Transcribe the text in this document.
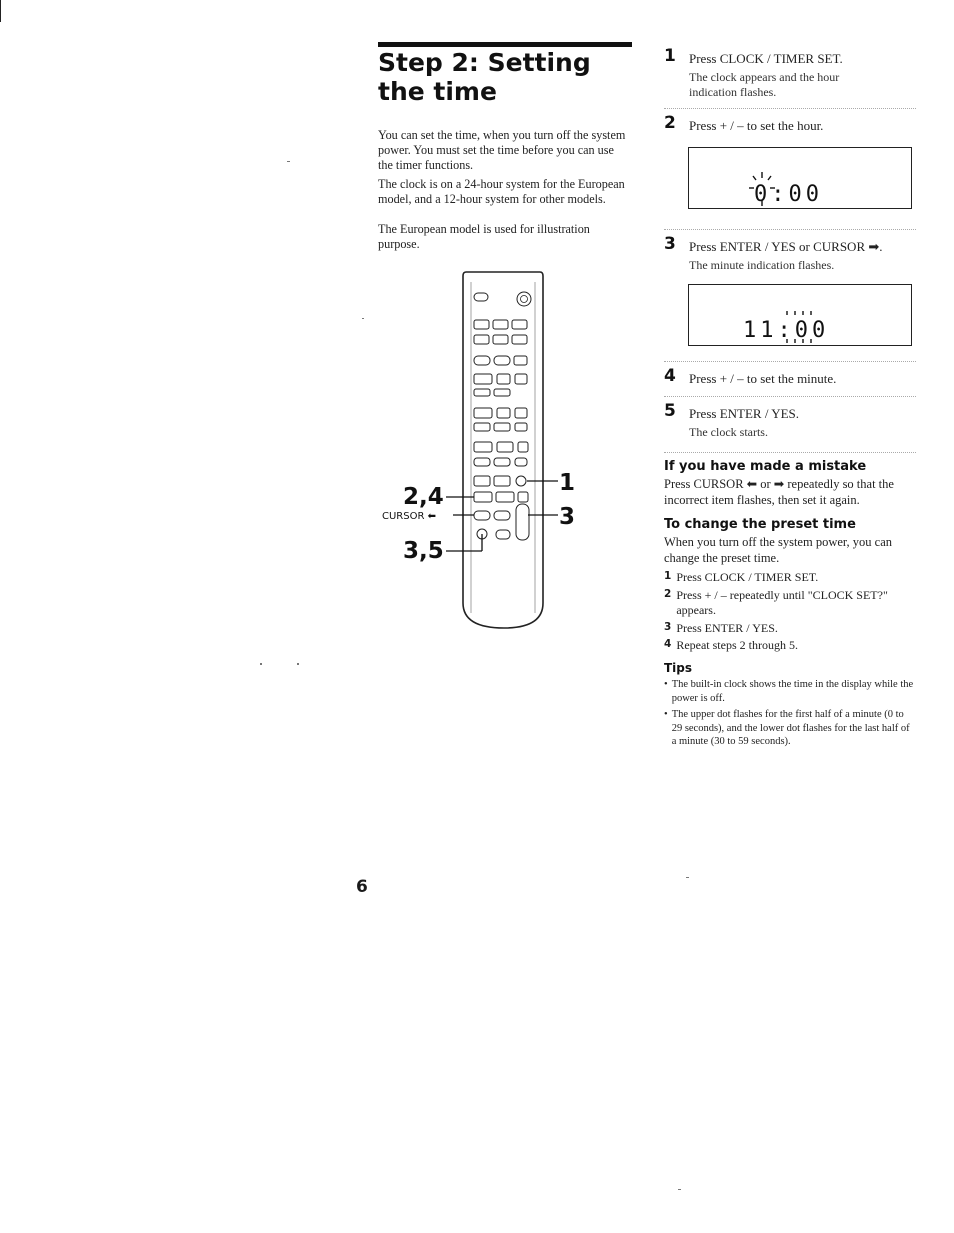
Step 2: Setting the time

You can set the time, when you turn off the system power. You must set the time before you can use the timer functions.

The clock is on a 24-hour system for the European model, and a 12-hour system for other models.

The European model is used for illustration purpose.

2,4
CURSOR ⬅
3,5
1
3
6
1 Press CLOCK / TIMER SET.
The clock appears and the hour indication flashes.
2 Press + / – to set the hour.
0:00
3 Press ENTER / YES or CURSOR ➡.
The minute indication flashes.
11:00
4 Press + / – to set the minute.
5 Press ENTER / YES.
The clock starts.
If you have made a mistake
Press CURSOR ⬅ or ➡ repeatedly so that the incorrect item flashes, then set it again.
To change the preset time
When you turn off the system power, you can change the preset time.
1 Press CLOCK / TIMER SET.
2 Press + / – repeatedly until "CLOCK SET?" appears.
3 Press ENTER / YES.
4 Repeat steps 2 through 5.
Tips
• The built-in clock shows the time in the display while the power is off.
• The upper dot flashes for the first half of a minute (0 to 29 seconds), and the lower dot flashes for the last half of a minute (30 to 59 seconds).
